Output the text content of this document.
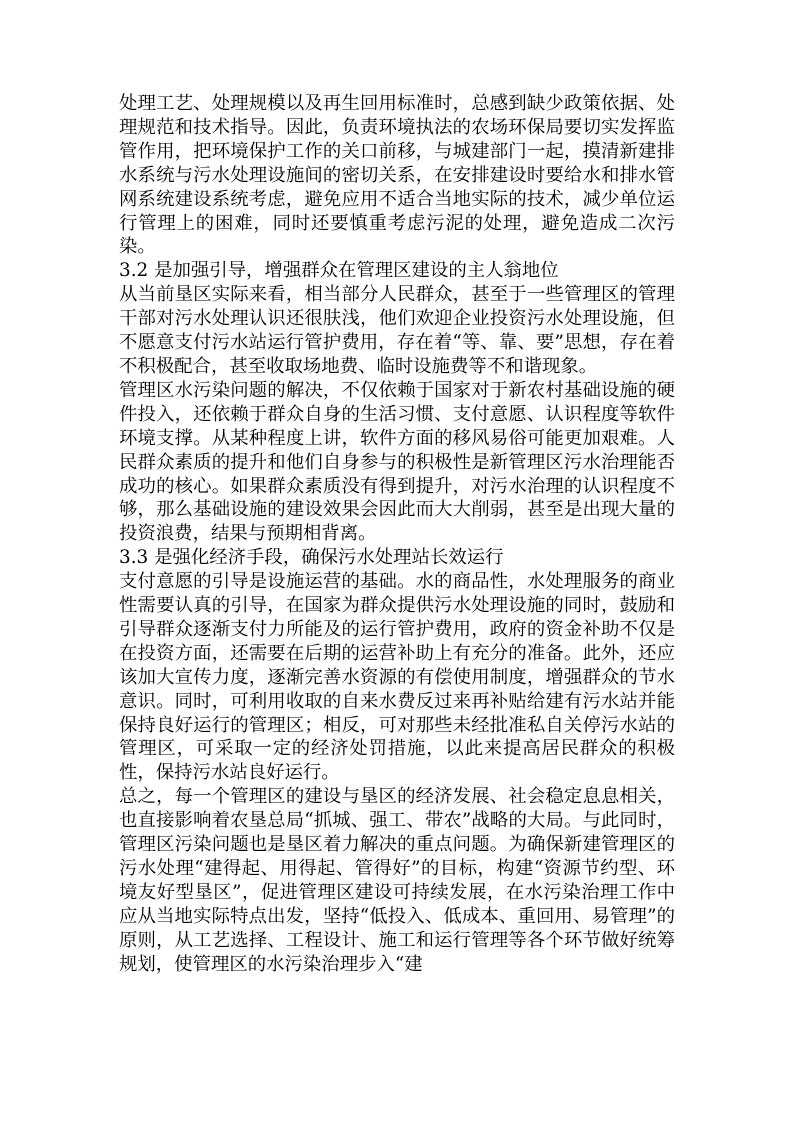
处理工艺、处理规模以及再生回用标准时，总感到缺少政策依据、处理规范和技术指导。因此，负责环境执法的农场环保局要切实发挥监管作用，把环境保护工作的关口前移，与城建部门一起，摸清新建排水系统与污水处理设施间的密切关系，在安排建设时要给水和排水管网系统建设系统考虑，避免应用不适合当地实际的技术，减少单位运行管理上的困难，同时还要慎重考虑污泥的处理，避免造成二次污染。

3.2 是加强引导，增强群众在管理区建设的主人翁地位

从当前垦区实际来看，相当部分人民群众，甚至于一些管理区的管理干部对污水处理认识还很肤浅，他们欢迎企业投资污水处理设施，但不愿意支付污水站运行管护费用，存在着“等、靠、要”思想，存在着不积极配合，甚至收取场地费、临时设施费等不和谐现象。

管理区水污染问题的解决，不仅依赖于国家对于新农村基础设施的硬件投入，还依赖于群众自身的生活习惯、支付意愿、认识程度等软件环境支撑。从某种程度上讲，软件方面的移风易俗可能更加艰难。人民群众素质的提升和他们自身参与的积极性是新管理区污水治理能否成功的核心。如果群众素质没有得到提升，对污水治理的认识程度不够，那么基础设施的建设效果会因此而大大削弱，甚至是出现大量的投资浪费，结果与预期相背离。

3.3 是强化经济手段，确保污水处理站长效运行

支付意愿的引导是设施运营的基础。水的商品性，水处理服务的商业性需要认真的引导，在国家为群众提供污水处理设施的同时，鼓励和引导群众逐渐支付力所能及的运行管护费用，政府的资金补助不仅是在投资方面，还需要在后期的运营补助上有充分的准备。此外，还应该加大宣传力度，逐渐完善水资源的有偿使用制度，增强群众的节水意识。同时，可利用收取的自来水费反过来再补贴给建有污水站并能保持良好运行的管理区；相反，可对那些未经批准私自关停污水站的管理区，可采取一定的经济处罚措施，以此来提高居民群众的积极性，保持污水站良好运行。

总之，每一个管理区的建设与垦区的经济发展、社会稳定息息相关，也直接影响着农垦总局“抓城、强工、带农”战略的大局。与此同时，管理区污染问题也是垦区着力解决的重点问题。为确保新建管理区的污水处理“建得起、用得起、管得好”的目标，构建“资源节约型、环境友好型垦区”，促进管理区建设可持续发展，在水污染治理工作中应从当地实际特点出发，坚持“低投入、低成本、重回用、易管理”的原则，从工艺选择、工程设计、施工和运行管理等各个环节做好统筹规划，使管理区的水污染治理步入“建
